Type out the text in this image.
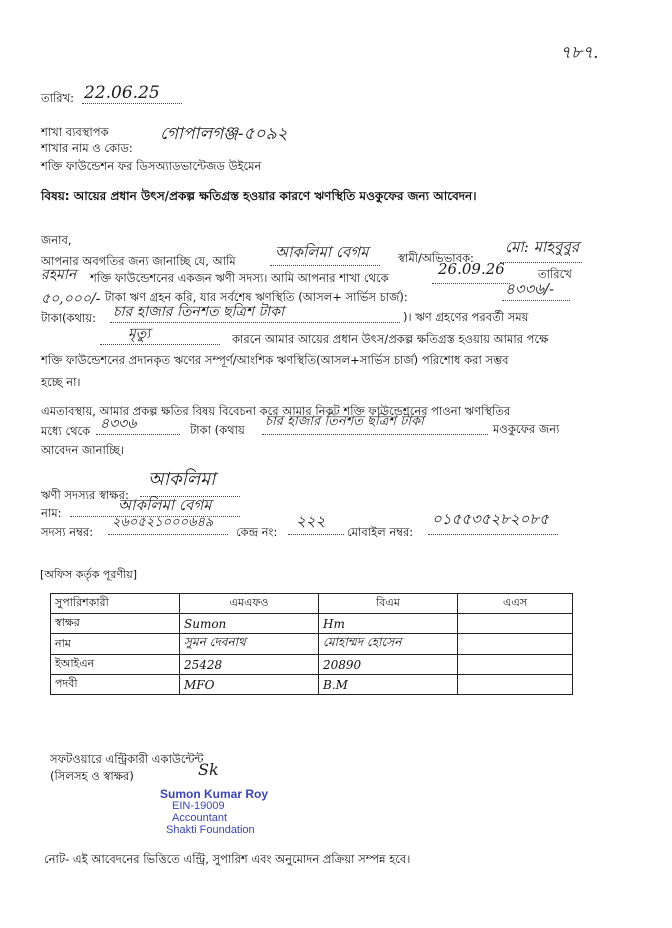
৭৮৭.
তারিখ: 22.06.25
শাখা ব্যবস্থাপক
শাখার নাম ও কোড:
গোপালগঞ্জ-৫০৯২
শক্তি ফাউন্ডেশন ফর ডিসঅ্যাডভান্টেজড উইমেন
বিষয়: আয়ের প্রধান উৎস/প্রকল্প ক্ষতিগ্রস্ত হওয়ার কারণে ঋণস্থিতি মওকুফের জন্য আবেদন।
জনাব,
আপনার অবগতির জন্য জানাচ্ছি যে, আমি	আকলিমা বেগম	স্বামী/অভিভাবক:
মো: মাহবুবুর
রহমান শক্তি ফাউন্ডেশনের একজন ঋণী সদস্য। আমি আপনার শাখা থেকে	26.09.26	তারিখে
৫০,০০০/- টাকা ঋণ গ্রহন করি, যার সর্বশেষ ঋণস্থিতি (আসল+ সার্ভিস চার্জ):	৪৩৩৬/-
টাকা(কথায়: চার হাজার তিনশত ছত্রিশ টাকা	)। ঋণ গ্রহণের পরবর্তী সময়
মৃত্যু	কারনে আমার আয়ের প্রধান উৎস/প্রকল্প ক্ষতিগ্রস্ত হওয়ায় আমার পক্ষে
শক্তি ফাউন্ডেশনের প্রদানকৃত ঋণের সম্পূর্ণ/আংশিক ঋণস্থিতি(আসল+সার্ভিস চার্জ) পরিশোধ করা সম্ভব
হচ্ছে না।
এমতাবস্থায়, আমার প্রকল্প ক্ষতির বিষয় বিবেচনা করে আমার নিকট শক্তি ফাউন্ডেশনের পাওনা ঋণস্থিতির
মধ্যে থেকে ৪৩৩৬	টাকা (কথায়
চার হাজার তিনশত ছত্রিশ টাকা	মওকুফের জন্য
আবেদন জানাচ্ছি।
ঋণী সদস্যর স্বাক্ষর:
আকলিমা
নাম:	আকলিমা বেগম
সদস্য নম্বর:
২৬০৫২১০০০৬৪৯
কেন্দ্র নং:
২২২
মোবাইল নম্বর:
০১৫৫৩৫২৮২০৮৫
[অফিস কর্তৃক পূরণীয়]
সুপারিশকারী	এমএফও	বিএম	এএস
স্বাক্ষর	Sumon	Hm	
নাম	সুমন দেবনাথ	মোহাম্মদ হোসেন	
ইআইএন	25428	20890	
পদবী	MFO	B.M	
সফটওয়ারে এন্ট্রিকারী একাউন্টেন্ট
(সিলসহ ও স্বাক্ষর)	Sk
Sumon Kumar Roy
EIN-19009
Accountant
Shakti Foundation
নোট- এই আবেদনের ভিত্তিতে এন্ট্রি, সুপারিশ এবং অনুমোদন প্রক্রিয়া সম্পন্ন হবে।
